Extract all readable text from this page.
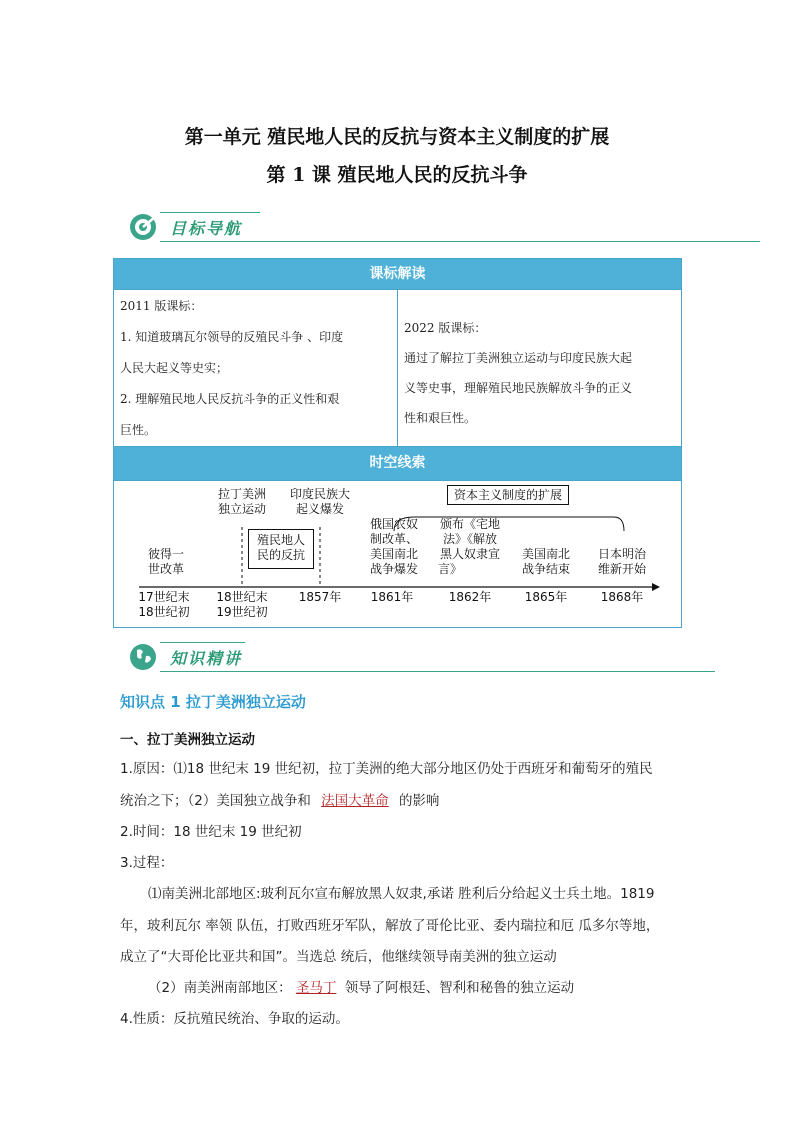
第一单元 殖民地人民的反抗与资本主义制度的扩展
第 1 课 殖民地人民的反抗斗争
目标导航
课标解读
2011 版课标：
1. 知道玻璃瓦尔领导的反殖民斗争 、印度
人民大起义等史实；
2. 理解殖民地人民反抗斗争的正义性和艰
巨性。
2022 版课标：
通过了解拉丁美洲独立运动与印度民族大起
义等史事，理解殖民地民族解放斗争的正义
性和艰巨性。
时空线索
资本主义制度的扩展
殖民地人
民的反抗
彼得一
世改革
拉丁美洲
独立运动
印度民族大
起义爆发
俄国农奴
制改革、
美国南北
战争爆发
颁布《宅地
法》《解放
黑人奴隶宣
言》
美国南北
战争结束
日本明治
维新开始
17世纪末
18世纪初
18世纪末
19世纪初
1857年	1861年	1862年	1865年	1868年
知识精讲
知识点 1 拉丁美洲独立运动
一、拉丁美洲独立运动
1.原因：⑴18 世纪末 19 世纪初，拉丁美洲的绝大部分地区仍处于西班牙和葡萄牙的殖民
统治之下；（2）美国独立战争和 法国大革命 的影响
2.时间：18 世纪末 19 世纪初
3.过程：
⑴南美洲北部地区:玻利瓦尔宣布解放黑人奴隶,承诺 胜利后分给起义士兵土地。1819
年，玻利瓦尔 率领 队伍，打败西班牙军队，解放了哥伦比亚、委内瑞拉和厄 瓜多尔等地，
成立了“大哥伦比亚共和国”。当选总 统后，他继续领导南美洲的独立运动
（2）南美洲南部地区： 圣马丁 领导了阿根廷、智利和秘鲁的独立运动
4.性质：反抗殖民统治、争取的运动。
